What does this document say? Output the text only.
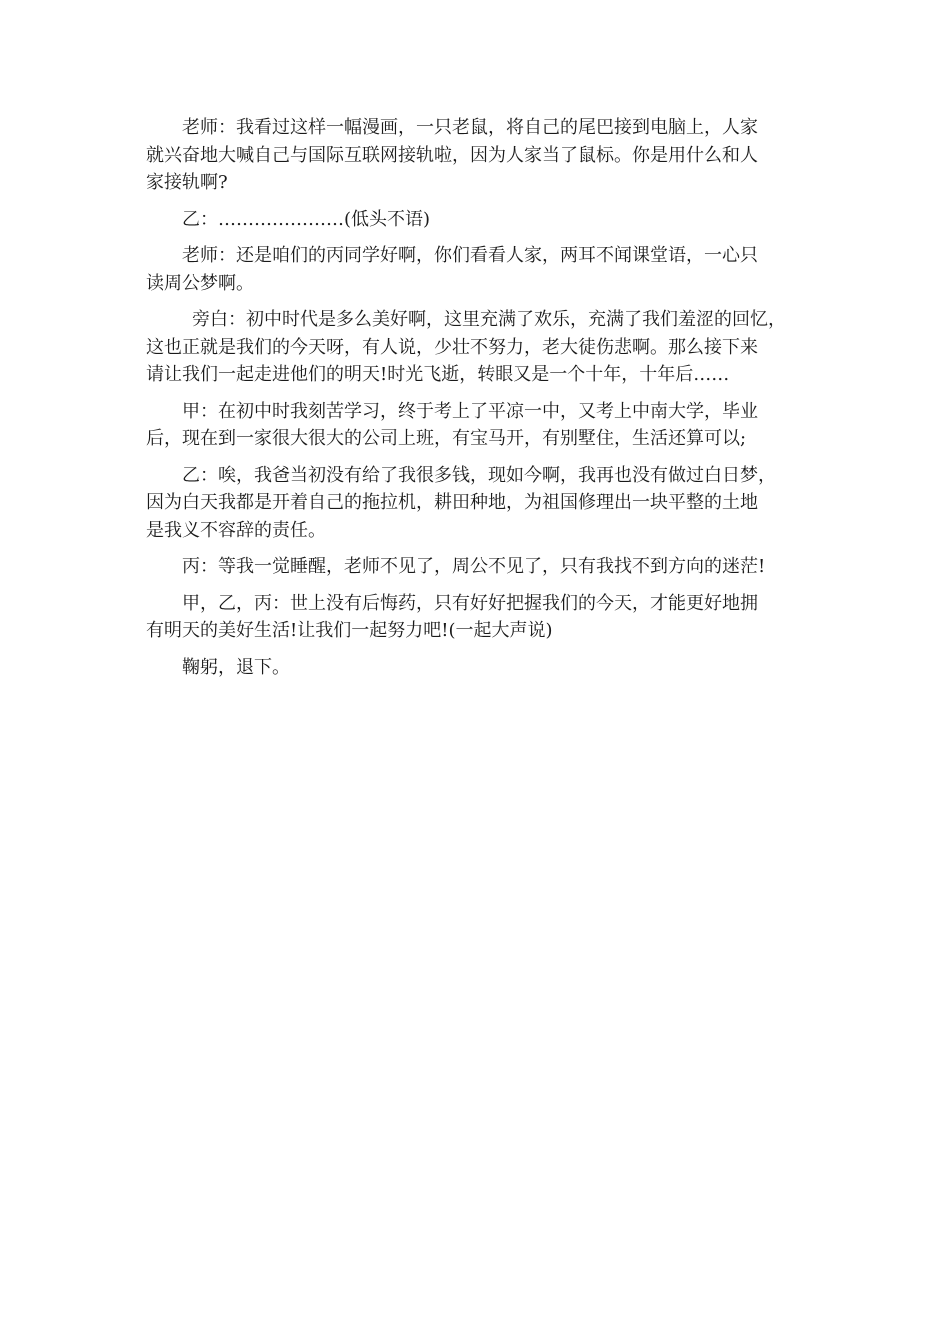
老师：我看过这样一幅漫画，一只老鼠，将自己的尾巴接到电脑上，人家
就兴奋地大喊自己与国际互联网接轨啦，因为人家当了鼠标。你是用什么和人
家接轨啊?
乙：…………………(低头不语)
老师：还是咱们的丙同学好啊，你们看看人家，两耳不闻课堂语，一心只
读周公梦啊。
旁白：初中时代是多么美好啊，这里充满了欢乐，充满了我们羞涩的回忆，
这也正就是我们的今天呀，有人说，少壮不努力，老大徒伤悲啊。那么接下来
请让我们一起走进他们的明天!时光飞逝，转眼又是一个十年，十年后……
甲：在初中时我刻苦学习，终于考上了平凉一中，又考上中南大学，毕业
后，现在到一家很大很大的公司上班，有宝马开，有别墅住，生活还算可以;
乙：唉，我爸当初没有给了我很多钱，现如今啊，我再也没有做过白日梦，
因为白天我都是开着自己的拖拉机，耕田种地，为祖国修理出一块平整的土地
是我义不容辞的责任。
丙：等我一觉睡醒，老师不见了，周公不见了，只有我找不到方向的迷茫!
甲，乙，丙：世上没有后悔药，只有好好把握我们的今天，才能更好地拥
有明天的美好生活!让我们一起努力吧!(一起大声说)
鞠躬，退下。
